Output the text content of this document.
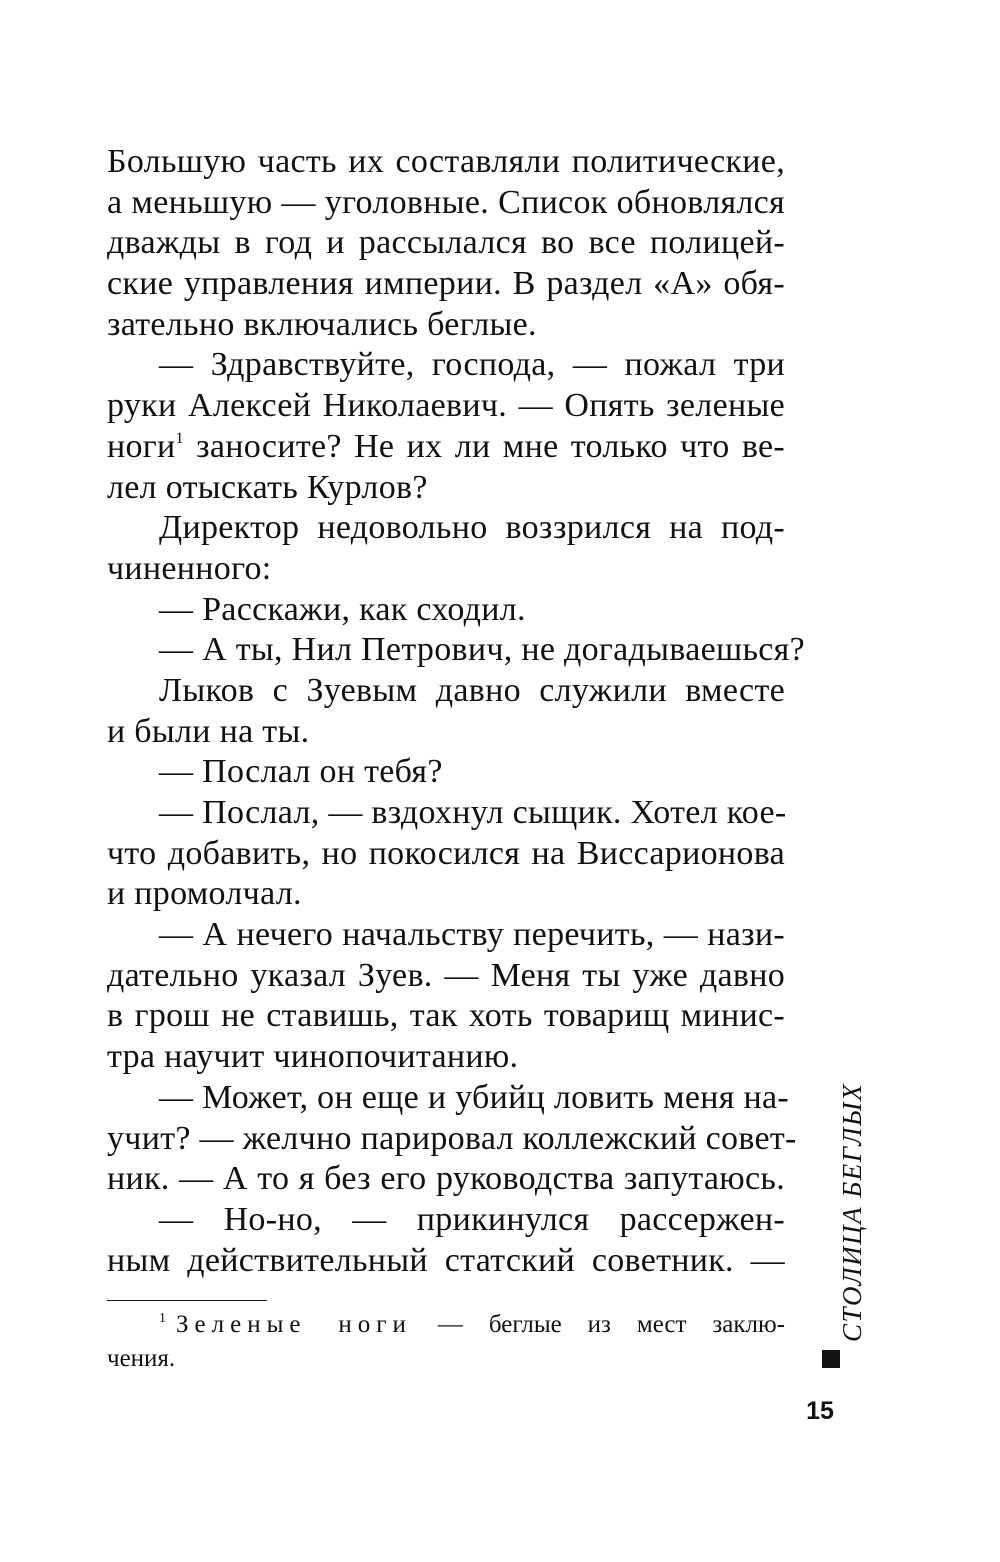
Большую часть их составляли политические,
а меньшую — уголовные. Список обновлялся
дважды в год и рассылался во все полицей-
ские управления империи. В раздел «А» обя-
зательно включались беглые.
— Здравствуйте, господа, — пожал три
руки Алексей Николаевич. — Опять зеленые
ноги$^1$ заносите? Не их ли мне только что ве-
лел отыскать Курлов?
Директор недовольно воззрился на под-
чиненного:
— Расскажи, как сходил.
— А ты, Нил Петрович, не догадываешься?
Лыков с Зуевым давно служили вместе
и были на ты.
— Послал он тебя?
— Послал, — вздохнул сыщик. Хотел кое-
что добавить, но покосился на Виссарионова
и промолчал.
— А нечего начальству перечить, — нази-
дательно указал Зуев. — Меня ты уже давно
в грош не ставишь, так хоть товарищ минис-
тра научит чинопочитанию.
— Может, он еще и убийц ловить меня на-
учит? — желчно парировал коллежский совет-
ник. — А то я без его руководства запутаюсь.
— Но-но, — прикинулся рассержен-
ным действительный статский советник. —
$^1$ Зеленые ноги — беглые из мест заклю-
чения.
СТОЛИЦА БЕГЛЫХ
15
